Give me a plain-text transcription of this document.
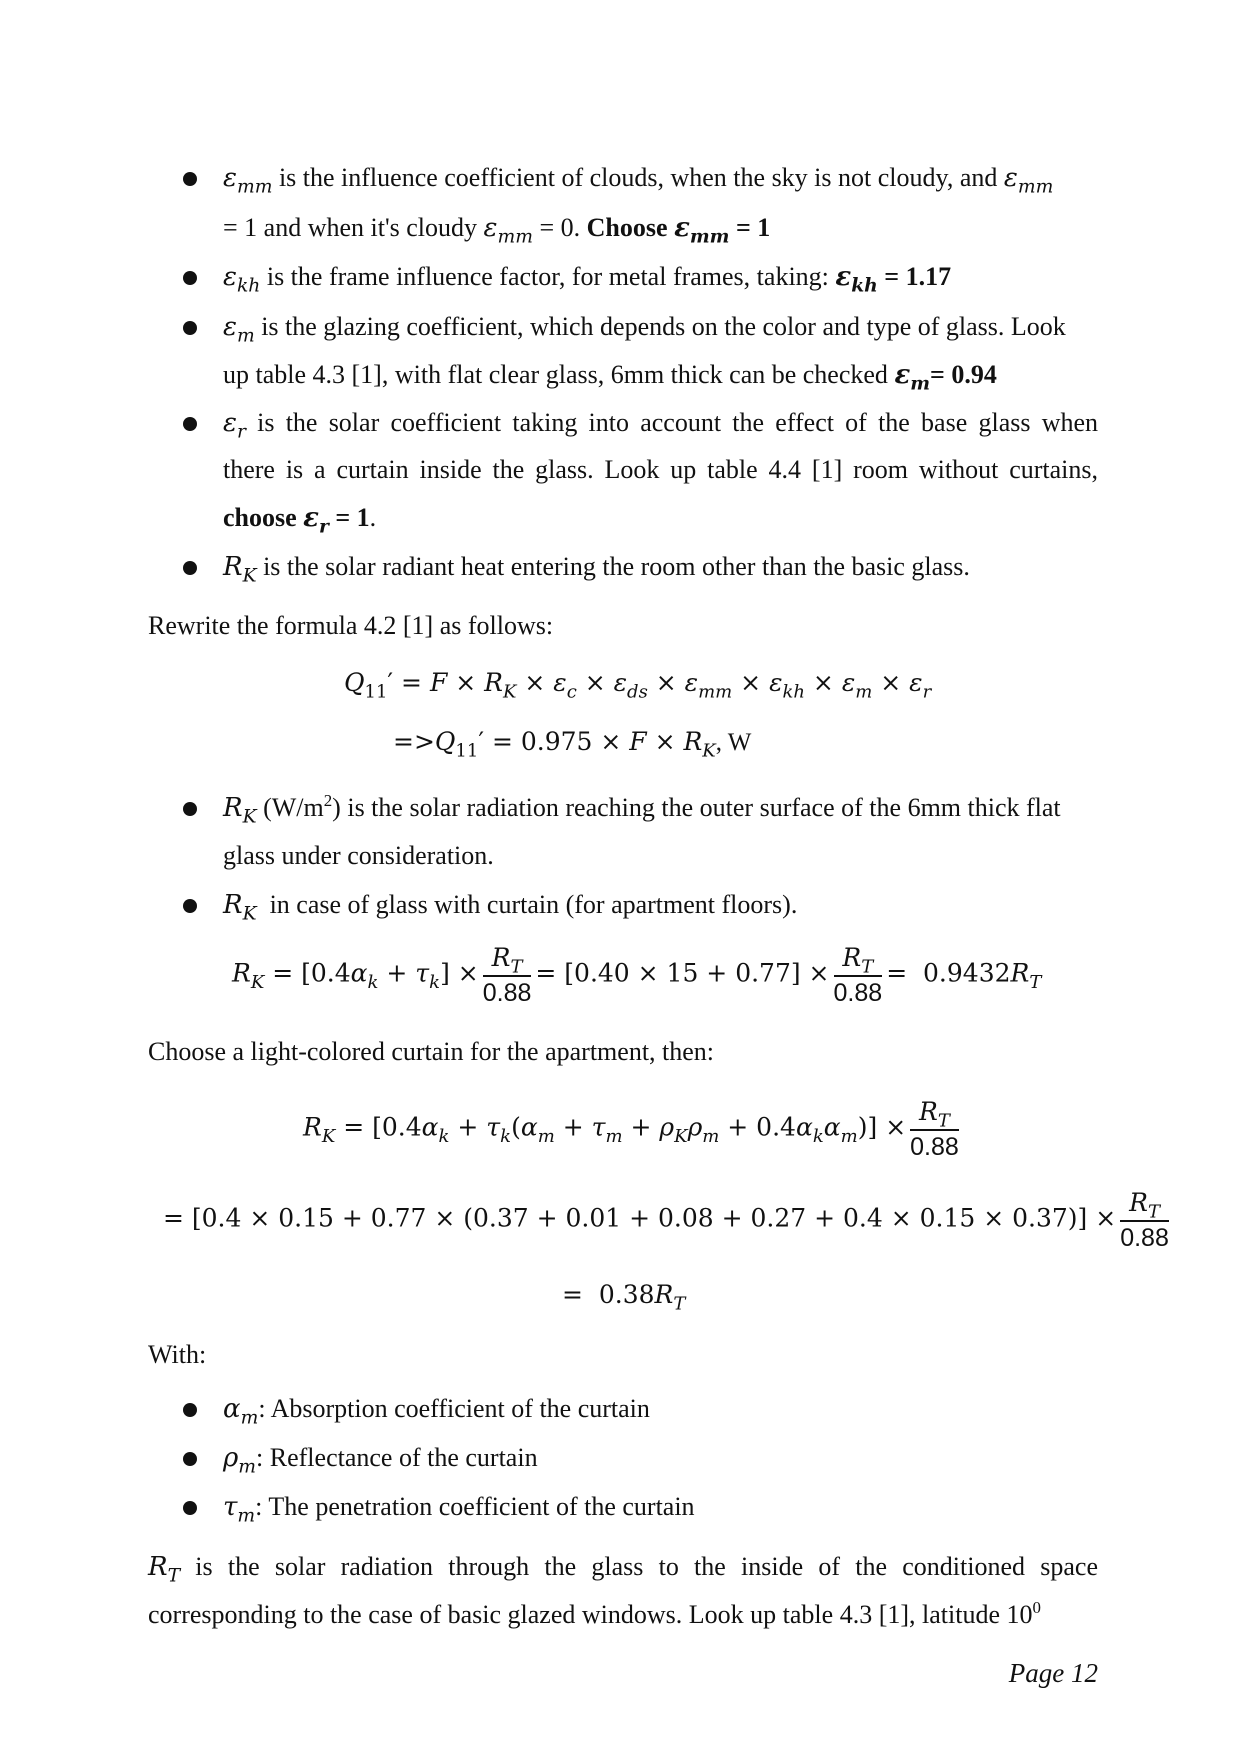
$\varepsilon_{mm}$ is the influence coefficient of clouds, when the sky is not cloudy, and $\varepsilon_{mm}$
= 1 and when it's cloudy $\varepsilon_{mm} = 0$. Choose $\varepsilon_{mm} = 1$
$\varepsilon_{kh}$ is the frame influence factor, for metal frames, taking: $\varepsilon_{kh} = 1.17$
$\varepsilon_m$ is the glazing coefficient, which depends on the color and type of glass. Look
up table 4.3 [1], with flat clear glass, 6mm thick can be checked $\varepsilon_m= 0.94$
$\varepsilon_r$ is the solar coefficient taking into account the effect of the base glass when
there is a curtain inside the glass. Look up table 4.4 [1] room without curtains,
choose $\varepsilon_r = 1$.
$R_K$ is the solar radiant heat entering the room other than the basic glass.
Rewrite the formula 4.2 [1] as follows:
$Q_{11}' = F \times R_K \times \varepsilon_c \times \varepsilon_{ds} \times \varepsilon_{mm} \times \varepsilon_{kh} \times \varepsilon_m \times \varepsilon_r$
$=>Q_{11}' = 0.975 \times F \times R_K$, W
$R_K$ $(W/m^2)$ is the solar radiation reaching the outer surface of the 6mm thick flat
glass under consideration.
$R_K$ in case of glass with curtain (for apartment floors).
$R_K = [0.4\alpha_k + \tau_k] \times \frac{R_T}{0.88} = [0.40 \times 15 + 0.77] \times \frac{R_T}{0.88} = 0.9432R_T$
Choose a light-colored curtain for the apartment, then:
$R_K = [0.4\alpha_k + \tau_k(\alpha_m + \tau_m + \rho_K\rho_m + 0.4\alpha_k\alpha_m)] \times \frac{R_T}{0.88}$
= $[0.4 \times 0.15 + 0.77 \times (0.37 + 0.01 + 0.08 + 0.27 + 0.4 \times 0.15 \times 0.37)] \times \frac{R_T}{0.88}$
=  $0.38R_T$
With:
$\alpha_m$: Absorption coefficient of the curtain
$\rho_m$: Reflectance of the curtain
$\tau_m$: The penetration coefficient of the curtain
$R_T$ is the solar radiation through the glass to the inside of the conditioned space
corresponding to the case of basic glazed windows. Look up table 4.3 [1], latitude $10^0$
Page 12
